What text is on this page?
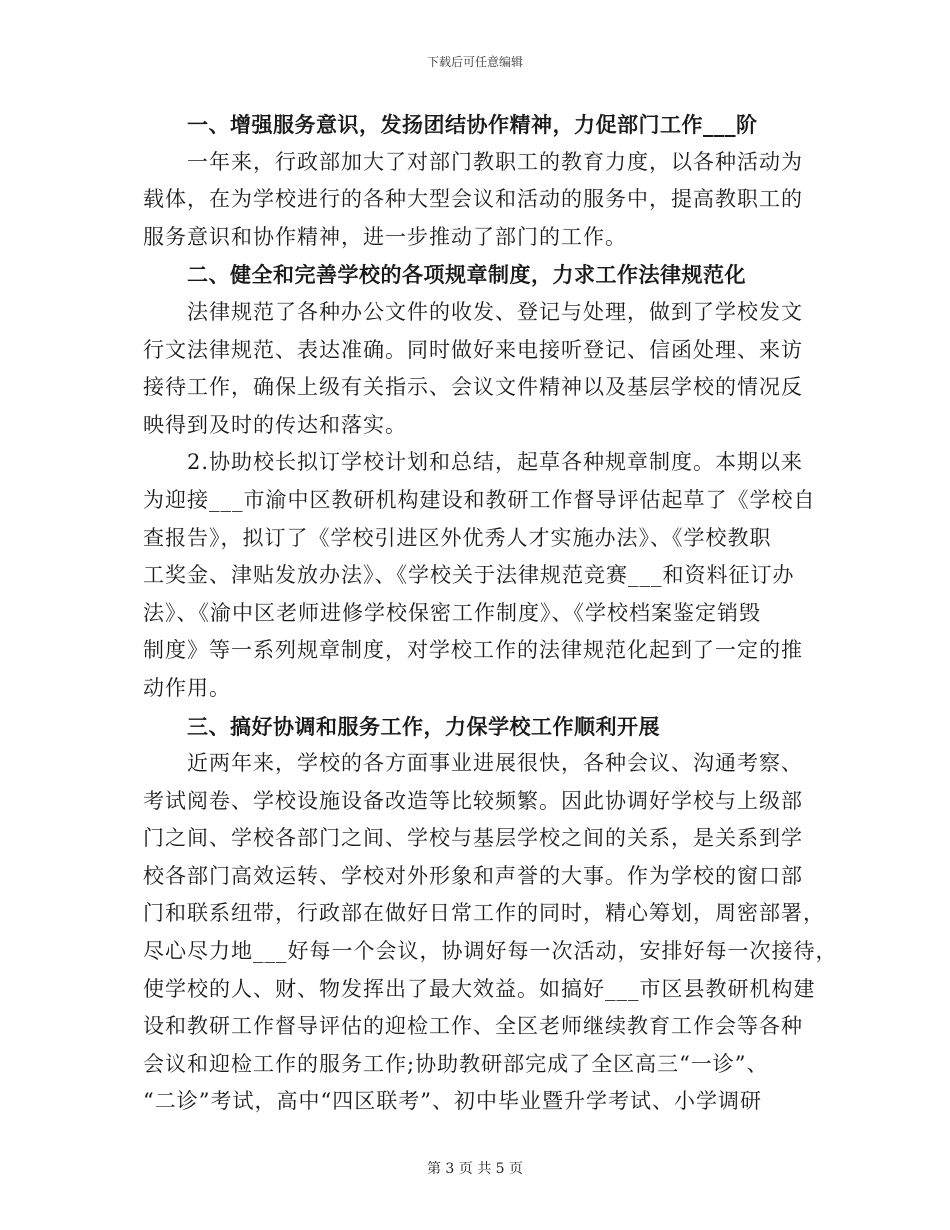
下载后可任意编辑
一、增强服务意识，发扬团结协作精神，力促部门工作___阶
一年来，行政部加大了对部门教职工的教育力度，以各种活动为
载体，在为学校进行的各种大型会议和活动的服务中，提高教职工的
服务意识和协作精神，进一步推动了部门的工作。
二、健全和完善学校的各项规章制度，力求工作法律规范化
法律规范了各种办公文件的收发、登记与处理，做到了学校发文
行文法律规范、表达准确。同时做好来电接听登记、信函处理、来访
接待工作，确保上级有关指示、会议文件精神以及基层学校的情况反
映得到及时的传达和落实。
2.协助校长拟订学校计划和总结，起草各种规章制度。本期以来
为迎接___市渝中区教研机构建设和教研工作督导评估起草了《学校自
查报告》，拟订了《学校引进区外优秀人才实施办法》、《学校教职
工奖金、津贴发放办法》、《学校关于法律规范竞赛___和资料征订办
法》、《渝中区老师进修学校保密工作制度》、《学校档案鉴定销毁
制度》等一系列规章制度，对学校工作的法律规范化起到了一定的推
动作用。
三、搞好协调和服务工作，力保学校工作顺利开展
近两年来，学校的各方面事业进展很快，各种会议、沟通考察、
考试阅卷、学校设施设备改造等比较频繁。因此协调好学校与上级部
门之间、学校各部门之间、学校与基层学校之间的关系，是关系到学
校各部门高效运转、学校对外形象和声誉的大事。作为学校的窗口部
门和联系纽带，行政部在做好日常工作的同时，精心筹划，周密部署，
尽心尽力地___好每一个会议，协调好每一次活动，安排好每一次接待，
使学校的人、财、物发挥出了最大效益。如搞好___市区县教研机构建
设和教研工作督导评估的迎检工作、全区老师继续教育工作会等各种
会议和迎检工作的服务工作;协助教研部完成了全区高三“一诊”、
“二诊”考试，高中“四区联考”、初中毕业暨升学考试、小学调研
第 3 页 共 5 页
